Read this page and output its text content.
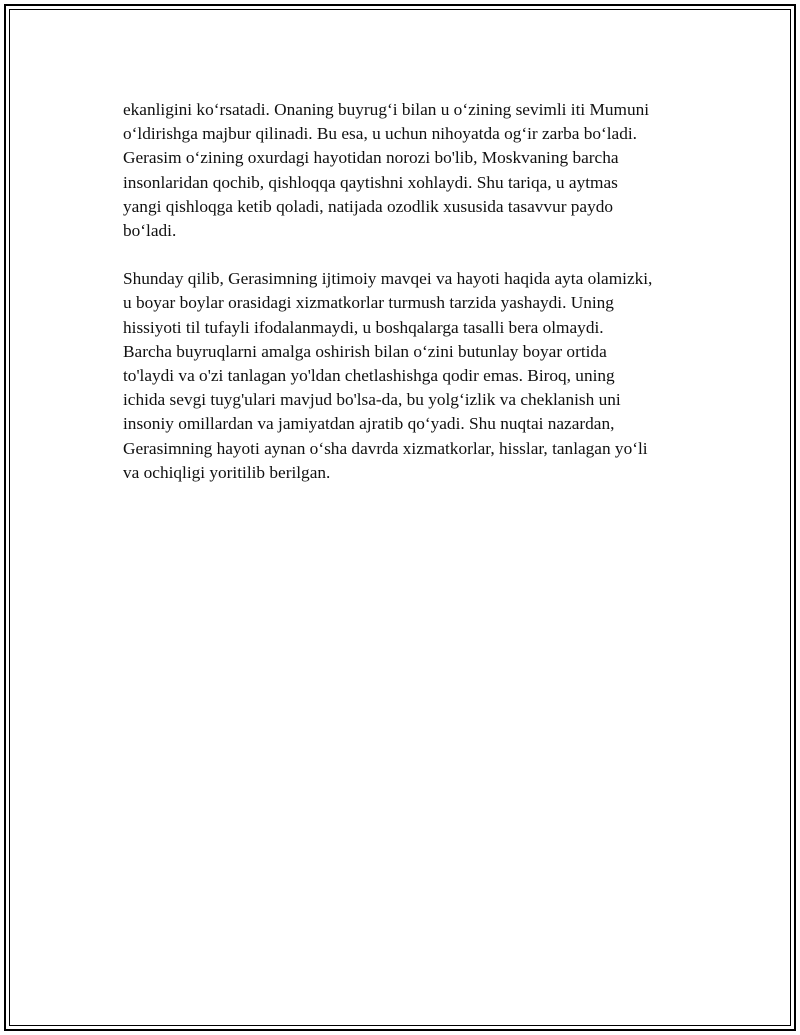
ekanligini ko‘rsatadi. Onaning buyrug‘i bilan u o‘zining sevimli iti Mumuni
o‘ldirishga majbur qilinadi. Bu esa, u uchun nihoyatda og‘ir zarba bo‘ladi.
Gerasim o‘zining oxurdagi hayotidan norozi bo'lib, Moskvaning barcha
insonlaridan qochib, qishloqqa qaytishni xohlaydi. Shu tariqa, u aytmas
yangi qishloqga ketib qoladi, natijada ozodlik xususida tasavvur paydo
bo‘ladi.

Shunday qilib, Gerasimning ijtimoiy mavqei va hayoti haqida ayta olamizki,
u boyar boylar orasidagi xizmatkorlar turmush tarzida yashaydi. Uning
hissiyoti til tufayli ifodalanmaydi, u boshqalarga tasalli bera olmaydi.
Barcha buyruqlarni amalga oshirish bilan o‘zini butunlay boyar ortida
to'laydi va o'zi tanlagan yo'ldan chetlashishga qodir emas. Biroq, uning
ichida sevgi tuyg'ulari mavjud bo'lsa-da, bu yolg‘izlik va cheklanish uni
insoniy omillardan va jamiyatdan ajratib qo‘yadi. Shu nuqtai nazardan,
Gerasimning hayoti aynan o‘sha davrda xizmatkorlar, hisslar, tanlagan yo‘li
va ochiqligi yoritilib berilgan.
